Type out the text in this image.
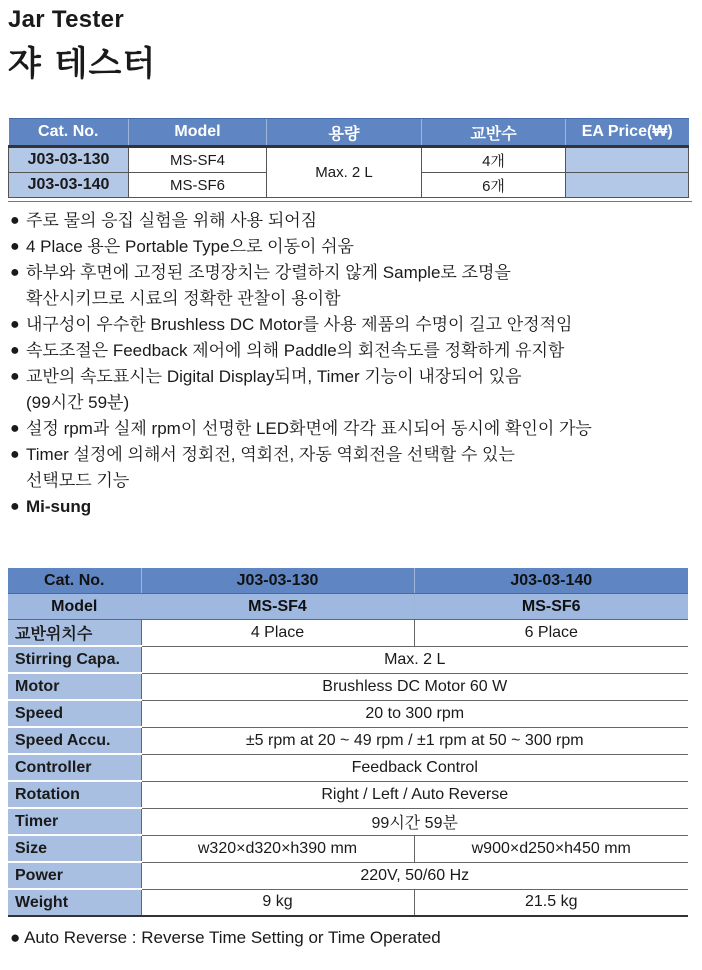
Jar Tester
쟈 테스터
Cat. No.	Model	용량	교반수	EA Price(₩)
J03-03-130	MS-SF4	Max. 2 L	4개	
J03-03-140	MS-SF6		6개	
● 주로 물의 응집 실험을 위해 사용 되어짐
● 4 Place 용은 Portable Type으로 이동이 쉬움
● 하부와 후면에 고정된 조명장치는 강렬하지 않게 Sample로 조명을
확산시키므로 시료의 정확한 관찰이 용이함
● 내구성이 우수한 Brushless DC Motor를 사용 제품의 수명이 길고 안정적임
● 속도조절은 Feedback 제어에 의해 Paddle의 회전속도를 정확하게 유지함
● 교반의 속도표시는 Digital Display되며, Timer 기능이 내장되어 있음
(99시간 59분)
● 설정 rpm과 실제 rpm이 선명한 LED화면에 각각 표시되어 동시에 확인이 가능
● Timer 설정에 의해서 정회전, 역회전, 자동 역회전을 선택할 수 있는
선택모드 기능
● Mi-sung
Cat. No.	J03-03-130	J03-03-140
Model	MS-SF4	MS-SF6
교반위치수	4 Place	6 Place
Stirring Capa.	Max. 2 L	
Motor	Brushless DC Motor 60 W	
Speed	20 to 300 rpm	
Speed Accu.	±5 rpm at 20 ~ 49 rpm / ±1 rpm at 50 ~ 300 rpm	
Controller	Feedback Control	
Rotation	Right / Left / Auto Reverse	
Timer	99시간 59분	
Size	w320×d320×h390 mm	w900×d250×h450 mm
Power	220V, 50/60 Hz	
Weight	9 kg	21.5 kg
● Auto Reverse : Reverse Time Setting or Time Operated
